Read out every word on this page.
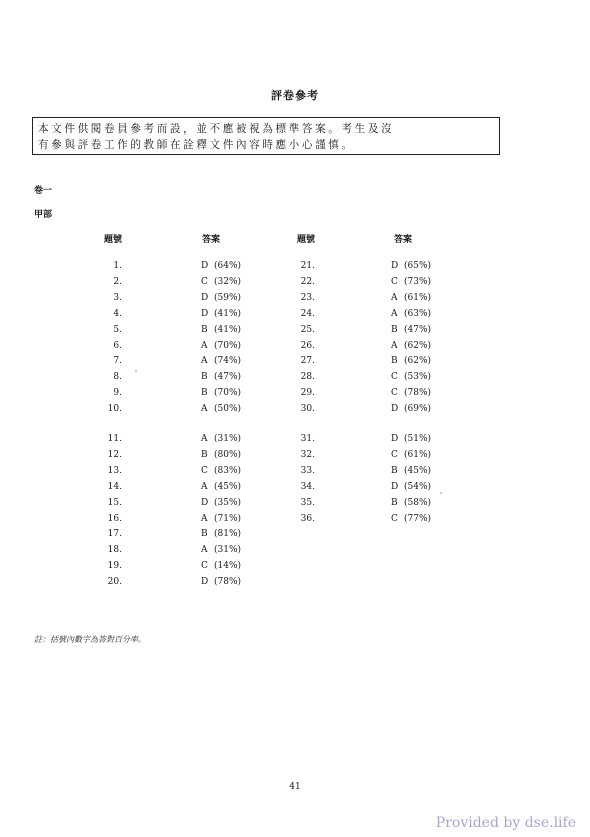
評卷參考
本文件供閱卷員參考而設，並不應被視為標準答案。考生及沒
有參與評卷工作的教師在詮釋文件內容時應小心謹慎。
卷一
甲部
題號	答案	題號	答案
1.	D (64%)
2.	C (32%)
3.	D (59%)
4.	D (41%)
5.	B (41%)
6.	A (70%)
7.	A (74%)
8.	B (47%)
9.	B (70%)
10.	A (50%)
11.	A (31%)
12.	B (80%)
13.	C (83%)
14.	A (45%)
15.	D (35%)
16.	A (71%)
17.	B (81%)
18.	A (31%)
19.	C (14%)
20.	D (78%)
21.	D (65%)
22.	C (73%)
23.	A (61%)
24.	A (63%)
25.	B (47%)
26.	A (62%)
27.	B (62%)
28.	C (53%)
29.	C (78%)
30.	D (69%)
31.	D (51%)
32.	C (61%)
33.	B (45%)
34.	D (54%)
35.	B (58%)
36.	C (77%)
註：括號內數字為答對百分率。
41
Provided by dse.life
